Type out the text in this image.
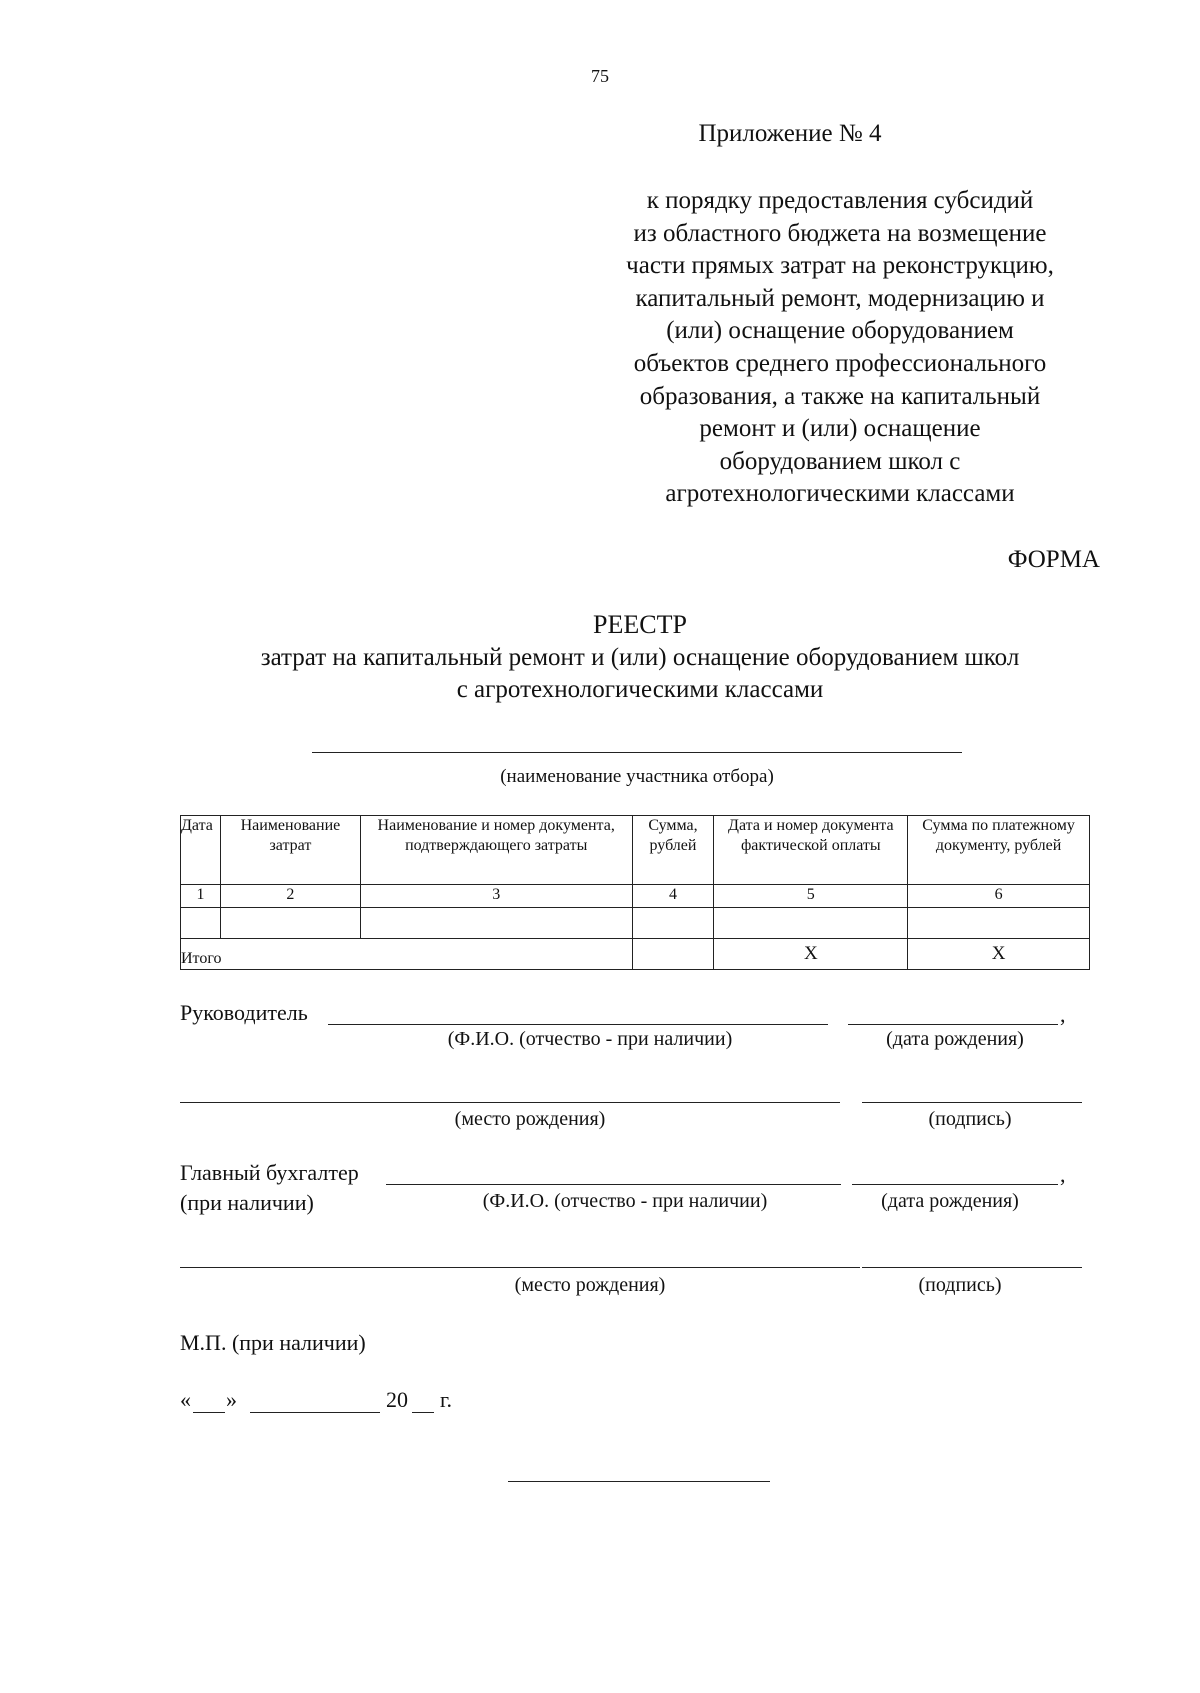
75
Приложение № 4
к порядку предоставления субсидий
из областного бюджета на возмещение
части прямых затрат на реконструкцию,
капитальный ремонт, модернизацию и
(или) оснащение оборудованием
объектов среднего профессионального
образования, а также на капитальный
ремонт и (или) оснащение
оборудованием школ с
агротехнологическими классами
ФОРМА
РЕЕСТР
затрат на капитальный ремонт и (или) оснащение оборудованием школ
с агротехнологическими классами
(наименование участника отбора)
Дата	Наименование затрат	Наименование и номер документа, подтверждающего затраты	Сумма, рублей	Дата и номер документа фактической оплаты	Сумма по платежному документу, рублей
1	2	3	4	5	6

Итого				Х	Х
Руководитель	,
(Ф.И.О. (отчество - при наличии)	(дата рождения)
(место рождения)	(подпись)
Главный бухгалтер
(при наличии)
,
(Ф.И.О. (отчество - при наличии)	(дата рождения)
(место рождения)	(подпись)
М.П. (при наличии)
« »	20 г.
